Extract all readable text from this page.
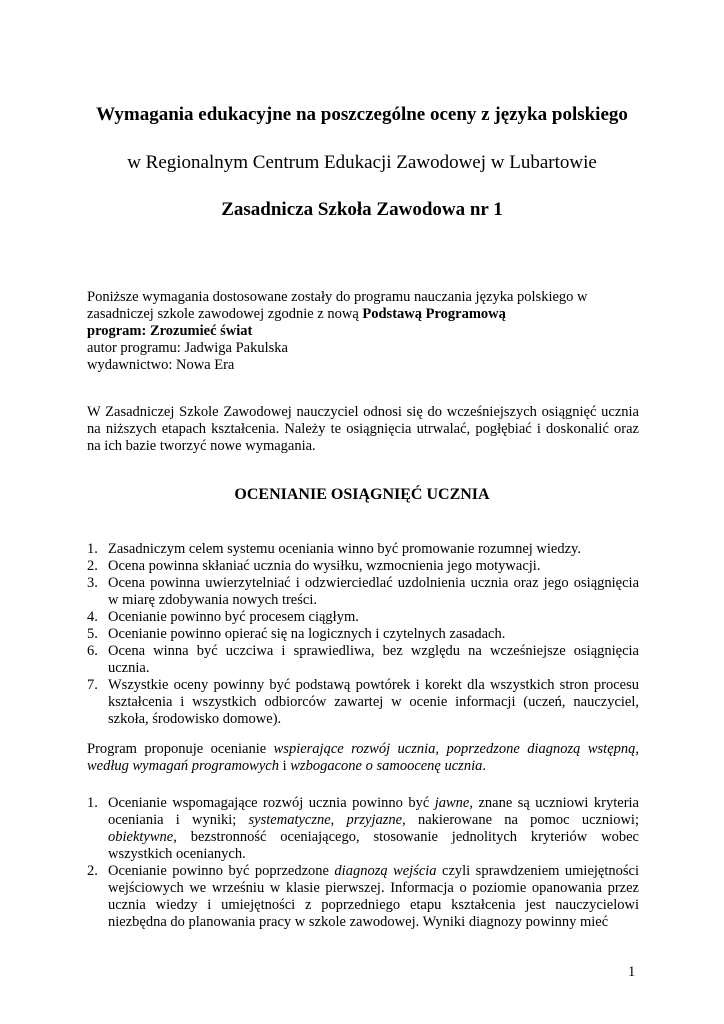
Wymagania edukacyjne na poszczególne oceny z języka polskiego
w Regionalnym Centrum Edukacji Zawodowej w Lubartowie
Zasadnicza Szkoła Zawodowa nr 1
Poniższe wymagania dostosowane zostały do programu nauczania języka polskiego w
zasadniczej szkole zawodowej zgodnie z nową Podstawą Programową
program: Zrozumieć świat
autor programu: Jadwiga Pakulska
wydawnictwo: Nowa Era
W Zasadniczej Szkole Zawodowej nauczyciel odnosi się do wcześniejszych osiągnięć ucznia na niższych etapach kształcenia. Należy te osiągnięcia utrwalać, pogłębiać i doskonalić oraz na ich bazie tworzyć nowe wymagania.
OCENIANIE OSIĄGNIĘĆ UCZNIA
1. Zasadniczym celem systemu oceniania winno być promowanie rozumnej wiedzy.
2. Ocena powinna skłaniać ucznia do wysiłku, wzmocnienia jego motywacji.
3. Ocena powinna uwierzytelniać i odzwierciedlać uzdolnienia ucznia oraz jego osiągnięcia w miarę zdobywania nowych treści.
4. Ocenianie powinno być procesem ciągłym.
5. Ocenianie powinno opierać się na logicznych i czytelnych zasadach.
6. Ocena winna być uczciwa i sprawiedliwa, bez względu na wcześniejsze osiągnięcia ucznia.
7. Wszystkie oceny powinny być podstawą powtórek i korekt dla wszystkich stron procesu kształcenia i wszystkich odbiorców zawartej w ocenie informacji (uczeń, nauczyciel, szkoła, środowisko domowe).
Program proponuje ocenianie wspierające rozwój ucznia, poprzedzone diagnozą wstępną, według wymagań programowych i wzbogacone o samoocenę ucznia.
1. Ocenianie wspomagające rozwój ucznia powinno być jawne, znane są uczniowi kryteria oceniania i wyniki; systematyczne, przyjazne, nakierowane na pomoc uczniowi; obiektywne, bezstronność oceniającego, stosowanie jednolitych kryteriów wobec wszystkich ocenianych.
2. Ocenianie powinno być poprzedzone diagnozą wejścia czyli sprawdzeniem umiejętności wejściowych we wrześniu w klasie pierwszej. Informacja o poziomie opanowania przez ucznia wiedzy i umiejętności z poprzedniego etapu kształcenia jest nauczycielowi niezbędna do planowania pracy w szkole zawodowej. Wyniki diagnozy powinny mieć
1
